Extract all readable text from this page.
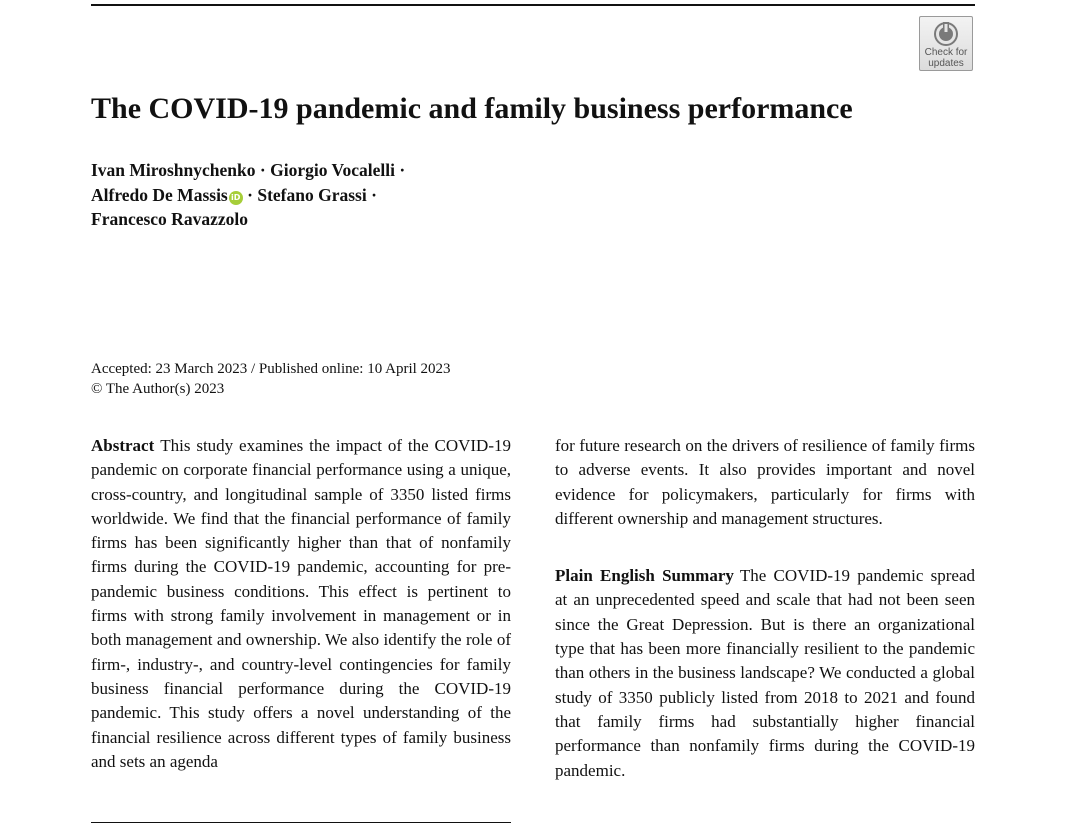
Check for
updates
The COVID-19 pandemic and family business performance
Ivan Miroshnychenko · Giorgio Vocalelli ·
Alfredo De Massis iD · Stefano Grassi ·
Francesco Ravazzolo
Accepted: 23 March 2023 / Published online: 10 April 2023
© The Author(s) 2023

Abstract This study examines the impact of the COVID-19 pandemic on corporate financial performance using a unique, cross-country, and longitudinal sample of 3350 listed firms worldwide. We find that the financial performance of family firms has been significantly higher than that of nonfamily firms during the COVID-19 pandemic, accounting for pre-pandemic business conditions. This effect is pertinent to firms with strong family involvement in management or in both management and ownership. We also identify the role of firm-, industry-, and country-level contingencies for family business financial performance during the COVID-19 pandemic. This study offers a novel understanding of the financial resilience across different types of family business and sets an agenda

for future research on the drivers of resilience of family firms to adverse events. It also provides important and novel evidence for policymakers, particularly for firms with different ownership and management structures.

Plain English Summary The COVID-19 pandemic spread at an unprecedented speed and scale that had not been seen since the Great Depression. But is there an organizational type that has been more financially resilient to the pandemic than others in the business landscape? We conducted a global study of 3350 publicly listed from 2018 to 2021 and found that family firms had substantially higher financial performance than nonfamily firms during the COVID-19 pandemic.
